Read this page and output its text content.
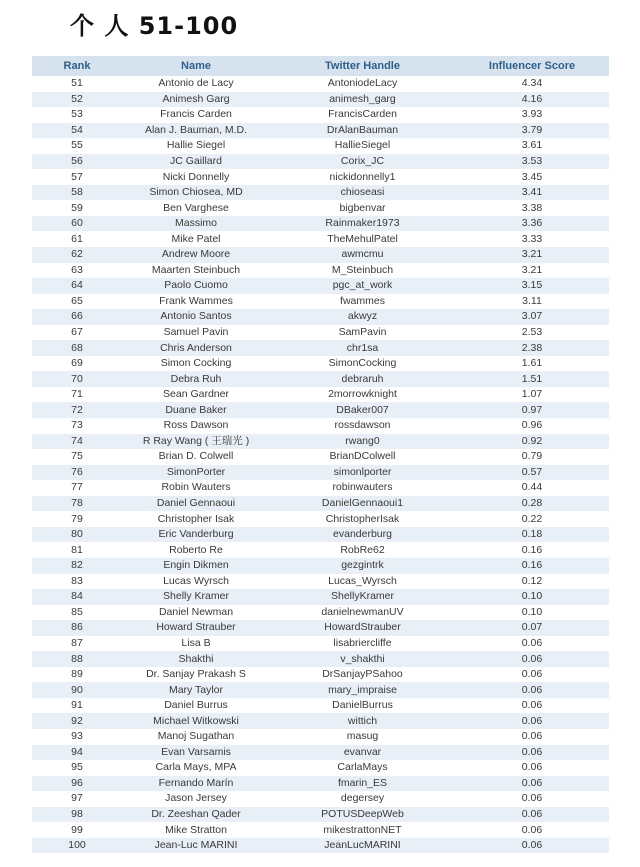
个 人 51-100
Rank	Name	Twitter Handle	Influencer Score
51	Antonio de Lacy	AntoniodeLacy	4.34
52	Animesh Garg	animesh_garg	4.16
53	Francis Carden	FrancisCarden	3.93
54	Alan J. Bauman, M.D.	DrAlanBauman	3.79
55	Hallie Siegel	HallieSiegel	3.61
56	JC Gaillard	Corix_JC	3.53
57	Nicki Donnelly	nickidonnelly1	3.45
58	Simon Chiosea, MD	chioseasi	3.41
59	Ben Varghese	bigbenvar	3.38
60	Massimo	Rainmaker1973	3.36
61	Mike Patel	TheMehulPatel	3.33
62	Andrew Moore	awmcmu	3.21
63	Maarten Steinbuch	M_Steinbuch	3.21
64	Paolo Cuomo	pgc_at_work	3.15
65	Frank Wammes	fwammes	3.11
66	Antonio Santos	akwyz	3.07
67	Samuel Pavin	SamPavin	2.53
68	Chris Anderson	chr1sa	2.38
69	Simon Cocking	SimonCocking	1.61
70	Debra Ruh	debraruh	1.51
71	Sean Gardner	2morrowknight	1.07
72	Duane Baker	DBaker007	0.97
73	Ross Dawson	rossdawson	0.96
74	R Ray Wang ( 王瑞光 )	rwang0	0.92
75	Brian D. Colwell	BrianDColwell	0.79
76	SimonPorter	simonlporter	0.57
77	Robin Wauters	robinwauters	0.44
78	Daniel Gennaoui	DanielGennaoui1	0.28
79	Christopher Isak	ChristopherIsak	0.22
80	Eric Vanderburg	evanderburg	0.18
81	Roberto Re	RobRe62	0.16
82	Engin Dikmen	gezgintrk	0.16
83	Lucas Wyrsch	Lucas_Wyrsch	0.12
84	Shelly Kramer	ShellyKramer	0.10
85	Daniel Newman	danielnewmanUV	0.10
86	Howard Strauber	HowardStrauber	0.07
87	Lisa B	lisabriercliffe	0.06
88	Shakthi	v_shakthi	0.06
89	Dr. Sanjay Prakash S	DrSanjayPSahoo	0.06
90	Mary Taylor	mary_impraise	0.06
91	Daniel Burrus	DanielBurrus	0.06
92	Michael Witkowski	wittich	0.06
93	Manoj Sugathan	masug	0.06
94	Evan Varsamis	evanvar	0.06
95	Carla Mays, MPA	CarlaMays	0.06
96	Fernando Marín	fmarin_ES	0.06
97	Jason Jersey	degersey	0.06
98	Dr. Zeeshan Qader	POTUSDeepWeb	0.06
99	Mike Stratton	mikestrattonNET	0.06
100	Jean-Luc MARINI	JeanLucMARINI	0.06
